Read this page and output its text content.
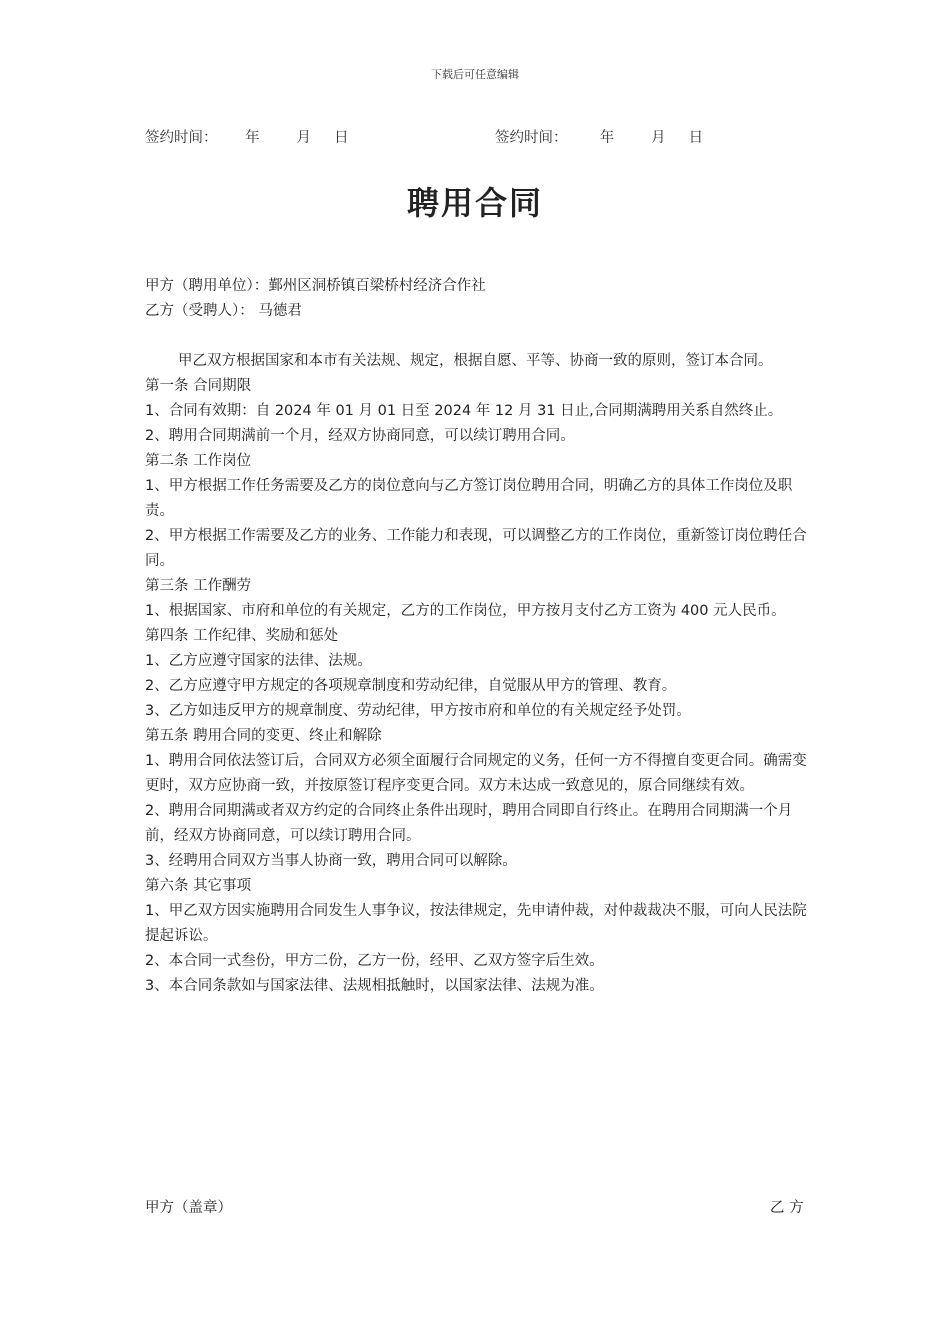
下载后可任意编辑
签约时间：      年        月     日	签约时间：       年        月     日
聘用合同

甲方（聘用单位）：鄞州区洞桥镇百梁桥村经济合作社

乙方（受聘人）： 马德君

甲乙双方根据国家和本市有关法规、规定，根据自愿、平等、协商一致的原则，签订本合同。

第一条 合同期限

1、合同有效期：自 2024 年 01 月 01 日至 2024 年 12 月 31 日止,合同期满聘用关系自然终止。

2、聘用合同期满前一个月，经双方协商同意，可以续订聘用合同。

第二条 工作岗位

1、甲方根据工作任务需要及乙方的岗位意向与乙方签订岗位聘用合同，明确乙方的具体工作岗位及职责。

2、甲方根据工作需要及乙方的业务、工作能力和表现，可以调整乙方的工作岗位，重新签订岗位聘任合同。

第三条 工作酬劳

1、根据国家、市府和单位的有关规定，乙方的工作岗位，甲方按月支付乙方工资为 400 元人民币。

第四条 工作纪律、奖励和惩处

1、乙方应遵守国家的法律、法规。

2、乙方应遵守甲方规定的各项规章制度和劳动纪律，自觉服从甲方的管理、教育。

3、乙方如违反甲方的规章制度、劳动纪律，甲方按市府和单位的有关规定经予处罚。

第五条 聘用合同的变更、终止和解除

1、聘用合同依法签订后，合同双方必须全面履行合同规定的义务，任何一方不得擅自变更合同。确需变更时，双方应协商一致，并按原签订程序变更合同。双方未达成一致意见的，原合同继续有效。

2、聘用合同期满或者双方约定的合同终止条件出现时，聘用合同即自行终止。在聘用合同期满一个月前，经双方协商同意，可以续订聘用合同。

3、经聘用合同双方当事人协商一致，聘用合同可以解除。

第六条 其它事项

1、甲乙双方因实施聘用合同发生人事争议，按法律规定，先申请仲裁，对仲裁裁决不服，可向人民法院提起诉讼。

2、本合同一式叁份，甲方二份，乙方一份，经甲、乙双方签字后生效。

3、本合同条款如与国家法律、法规相抵触时，以国家法律、法规为准。

甲方（盖章）	乙 方
